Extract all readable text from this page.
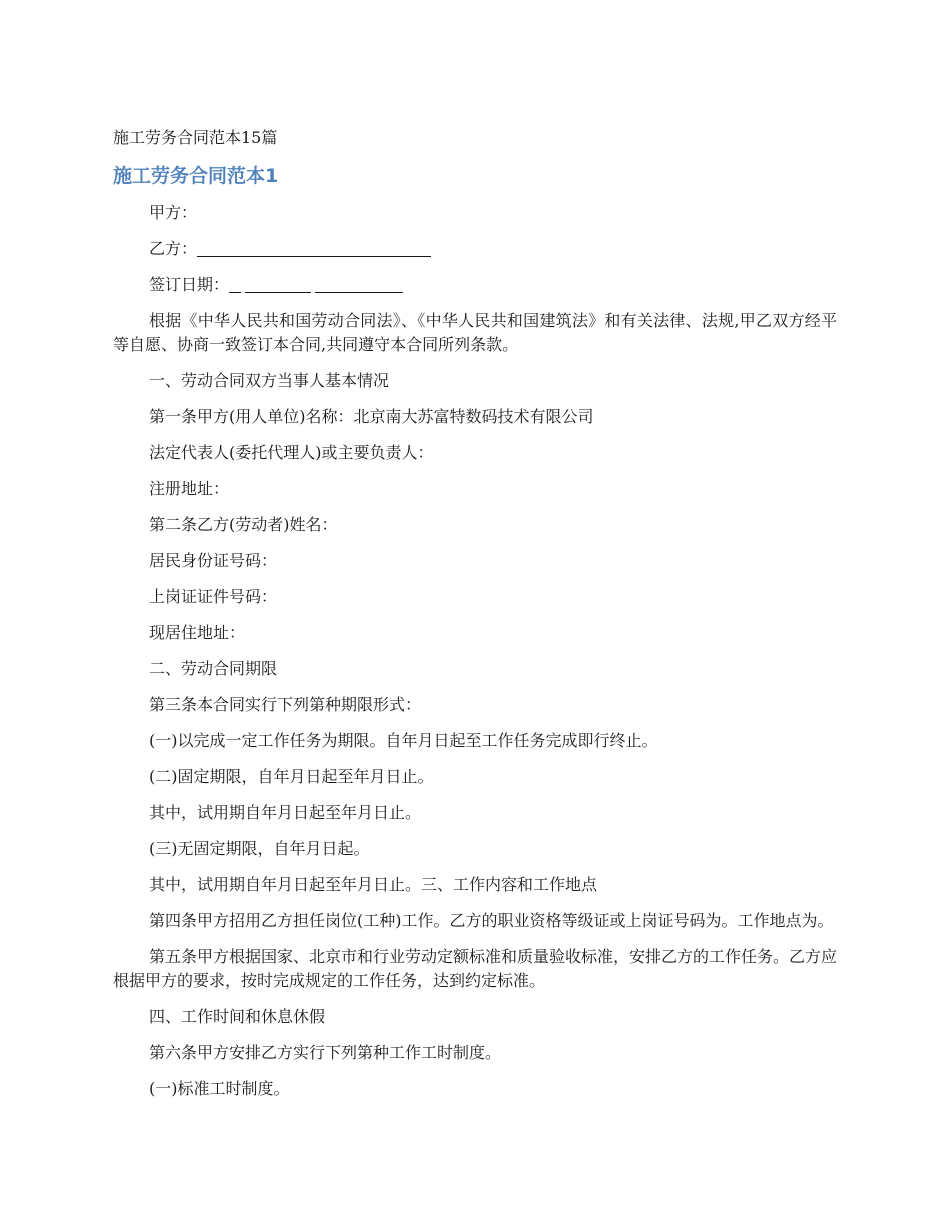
施工劳务合同范本15篇
施工劳务合同范本1
甲方：
乙方：
签订日期：
根据《中华人民共和国劳动合同法》、《中华人民共和国建筑法》和有关法律、法规,甲乙双方经平等自愿、协商一致签订本合同,共同遵守本合同所列条款。
一、劳动合同双方当事人基本情况
第一条甲方(用人单位)名称：北京南大苏富特数码技术有限公司
法定代表人(委托代理人)或主要负责人：
注册地址：
第二条乙方(劳动者)姓名：
居民身份证号码：
上岗证证件号码：
现居住地址：
二、劳动合同期限
第三条本合同实行下列第种期限形式：
(一)以完成一定工作任务为期限。自年月日起至工作任务完成即行终止。
(二)固定期限，自年月日起至年月日止。
其中，试用期自年月日起至年月日止。
(三)无固定期限，自年月日起。
其中，试用期自年月日起至年月日止。三、工作内容和工作地点
第四条甲方招用乙方担任岗位(工种)工作。乙方的职业资格等级证或上岗证号码为。工作地点为。
第五条甲方根据国家、北京市和行业劳动定额标准和质量验收标准，安排乙方的工作任务。乙方应根据甲方的要求，按时完成规定的工作任务，达到约定标准。
四、工作时间和休息休假
第六条甲方安排乙方实行下列第种工作工时制度。
(一)标准工时制度。
